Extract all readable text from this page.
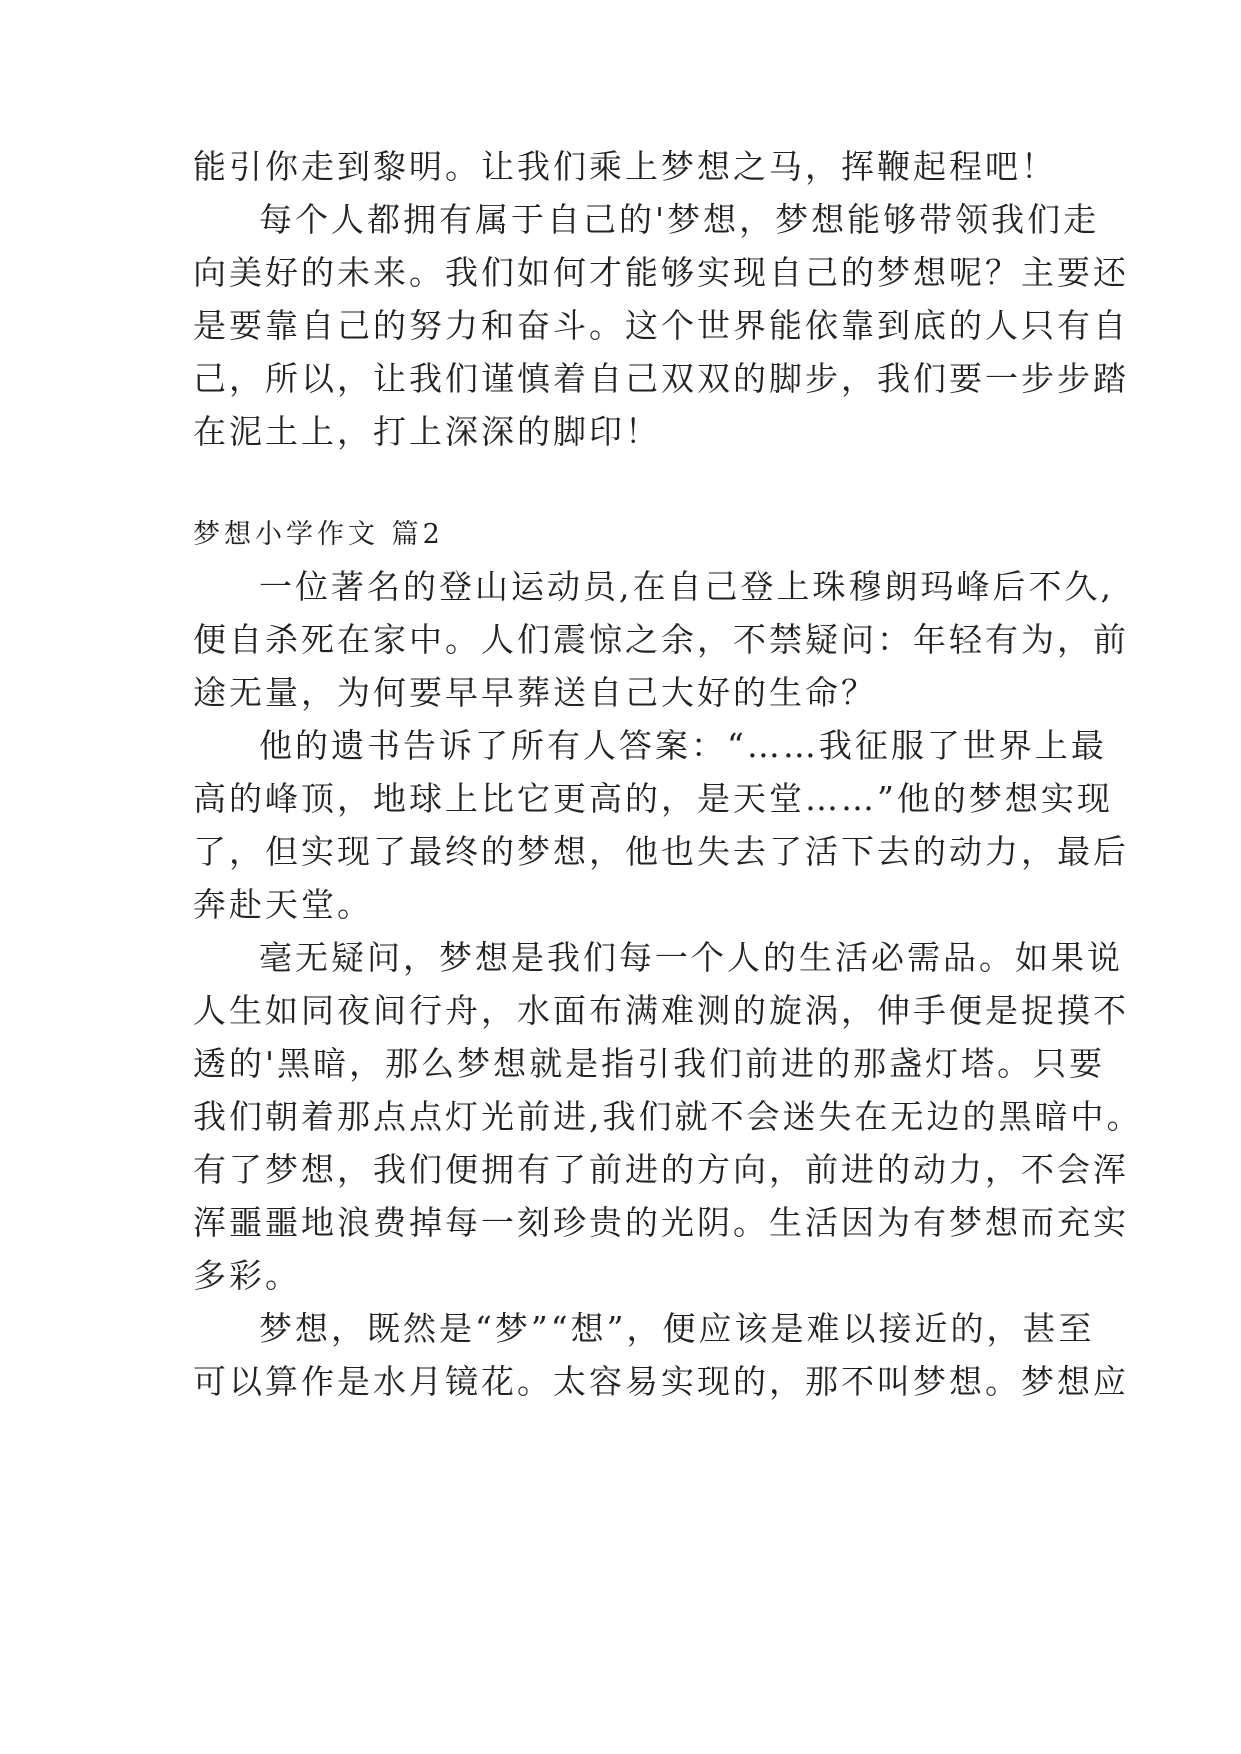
能引你走到黎明。让我们乘上梦想之马，挥鞭起程吧！
每个人都拥有属于自己的'梦想，梦想能够带领我们走
向美好的未来。我们如何才能够实现自己的梦想呢？主要还
是要靠自己的努力和奋斗。这个世界能依靠到底的人只有自
己，所以，让我们谨慎着自己双双的脚步，我们要一步步踏
在泥土上，打上深深的脚印！
梦想小学作文 篇2
一位著名的登山运动员,在自己登上珠穆朗玛峰后不久,
便自杀死在家中。人们震惊之余，不禁疑问：年轻有为，前
途无量，为何要早早葬送自己大好的生命？
他的遗书告诉了所有人答案：“……我征服了世界上最
高的峰顶，地球上比它更高的，是天堂……”他的梦想实现
了，但实现了最终的梦想，他也失去了活下去的动力，最后
奔赴天堂。
毫无疑问，梦想是我们每一个人的生活必需品。如果说
人生如同夜间行舟，水面布满难测的旋涡，伸手便是捉摸不
透的'黑暗，那么梦想就是指引我们前进的那盏灯塔。只要
我们朝着那点点灯光前进,我们就不会迷失在无边的黑暗中。
有了梦想，我们便拥有了前进的方向，前进的动力，不会浑
浑噩噩地浪费掉每一刻珍贵的光阴。生活因为有梦想而充实
多彩。
梦想，既然是“梦”“想”，便应该是难以接近的，甚至
可以算作是水月镜花。太容易实现的，那不叫梦想。梦想应
